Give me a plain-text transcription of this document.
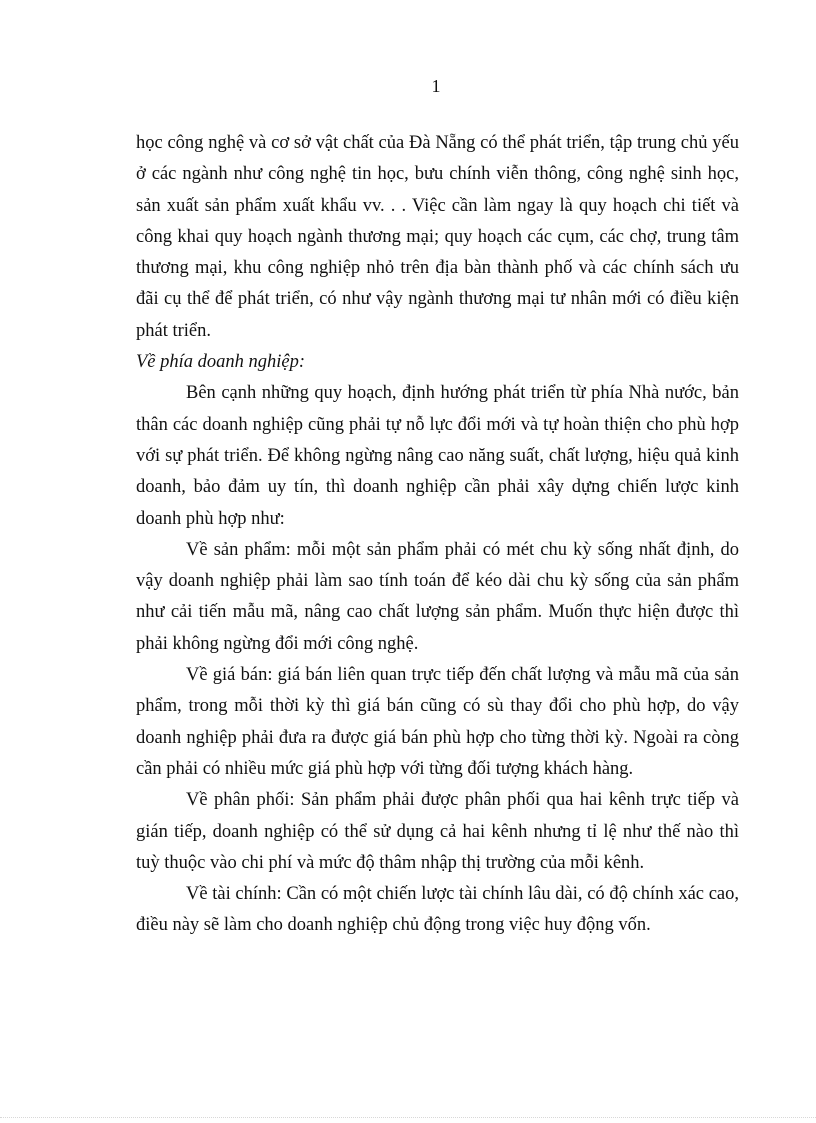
1

học công nghệ và cơ sở vật chất của Đà Nẵng có thể phát triển, tập trung chủ yếu ở các ngành như công nghệ tin học, bưu chính viễn thông, công nghệ sinh học, sản xuất sản phẩm xuất khẩu vv. . . Việc cần làm ngay là quy hoạch chi tiết và công khai quy hoạch ngành thương mại; quy hoạch các cụm, các chợ, trung tâm thương mại, khu công nghiệp nhỏ trên địa bàn thành phố và các chính sách ưu đãi cụ thể để phát triển, có như vậy ngành thương mại tư nhân mới có điều kiện phát triển.

Về phía doanh nghiệp:

Bên cạnh những quy hoạch, định hướng phát triển từ phía Nhà nước, bản thân các doanh nghiệp cũng phải tự nỗ lực đổi mới và tự hoàn thiện cho phù hợp với sự phát triển. Để không ngừng nâng cao năng suất, chất lượng, hiệu quả kinh doanh, bảo đảm uy tín, thì doanh nghiệp cần phải xây dựng chiến lược kinh doanh phù hợp như:

Về sản phẩm: mỗi một sản phẩm phải có mét chu kỳ sống nhất định, do vậy doanh nghiệp phải làm sao tính toán để kéo dài chu kỳ sống của sản phẩm như cải tiến mẫu mã, nâng cao chất lượng sản phẩm. Muốn thực hiện được thì phải không ngừng đổi mới công nghệ.

Về giá bán: giá bán liên quan trực tiếp đến chất lượng và mẫu mã của sản phẩm, trong mỗi thời kỳ thì giá bán cũng có sù thay đổi cho phù hợp, do vậy doanh nghiệp phải đưa ra được giá bán phù hợp cho từng thời kỳ. Ngoài ra còng cần phải có nhiều mức giá phù hợp với từng đối tượng khách hàng.

Về phân phối: Sản phẩm phải được phân phối qua hai kênh trực tiếp và gián tiếp, doanh nghiệp có thể sử dụng cả hai kênh nhưng tỉ lệ như thế nào thì tuỳ thuộc vào chi phí và mức độ thâm nhập thị trường của mỗi kênh.

Về tài chính: Cần có một chiến lược tài chính lâu dài, có độ chính xác cao, điều này sẽ làm cho doanh nghiệp chủ động trong việc huy động vốn.
